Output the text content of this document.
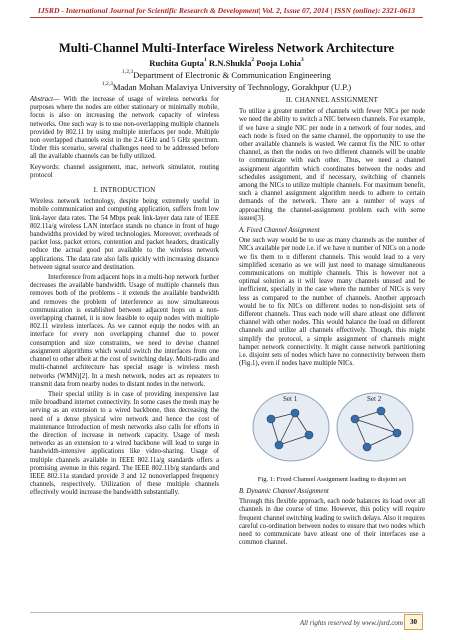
IJSRD - International Journal for Scientific Research & Development| Vol. 2, Issue 07, 2014 | ISSN (online): 2321-0613
Multi-Channel Multi-Interface Wireless Network Architecture
Ruchita Gupta$^1$ R.N.Shukla$^2$ Pooja Lohia$^3$
$^{1,2,3}$Department of Electronic & Communication Engineering
$^{1,2,3}$Madan Mohan Malaviya University of Technology, Gorakhpur (U.P.)

Abstract— With the increase of usage of wireless networks for purposes where the nodes are either stationary or minimally mobile, focus is also on increasing the network capacity of wireless networks. One such way is to use non-overlapping multiple channels provided by 802.11 by using multiple interfaces per node. Multiple non overlapped channels exist in the 2.4 GHz and 5 GHz spectrum. Under this scenario, several challenges need to be addressed before all the available channels can be fully utilized.

Keywords: channel assignment, mac, network simulator, routing protocol

I. INTRODUCTION

Wireless network technology, despite being extremely useful in mobile communication and computing application, suffers from low link-layer data rates. The 54 Mbps peak link-layer data rate of IEEE 802.11a/g wireless LAN interface stands no chance in front of huge bandwidths provided by wired technologies. Moreover, overheads of packet loss, packet errors, contention and packet headers, drastically reduce the actual good put available to the wireless network applications. The data rate also falls quickly with increasing distance between signal source and destination.

Interference from adjacent hops in a multi-hop network further decreases the available bandwidth. Usage of multiple channels thus removes both of the problems - it extends the available bandwidth and removes the problem of interference as now simultaneous communication is established between adjacent hops on a non-overlapping channel, it is now feasible to equip nodes with multiple 802.11 wireless interfaces. As we cannot equip the nodes with an interface for every non overlapping channel due to power consumption and size constraints, we need to devise channel assignment algorithms which would switch the interfaces from one channel to other albeit at the cost of switching delay. Multi-radio and multi-channel architecture has special usage is wireless mesh networks (WMN)[2]. In a mesh network, nodes act as repeaters to transmit data from nearby nodes to distant nodes in the network.

Their special utility is in case of providing inexpensive last mile broadband internet connectivity. In some cases the mesh may be serving as an extension to a wired backbone, thus decreasing the need of a dense physical wire network and hence the cost of maintenance Introduction of mesh networks also calls for efforts in the direction of increase in network capacity. Usage of mesh networks as an extension to a wired backbone will lead to surge in bandwidth-intensive applications like video-sharing. Usage of multiple channels available in IEEE 802.11a/g standards offers a promising avenue in this regard. The IEEE 802.11b/g standards and IEEE 802.11a standard provide 3 and 12 nonoverlapped frequency channels, respectively. Utilization of these multiple channels effectively would increase the bandwidth substantially.

II. CHANNEL ASSIGNMENT

To utilize a greater number of channels with fewer NICs per node we need the ability to switch a NIC between channels. For example, if we have a single NIC per node in a network of four nodes, and each node is fixed on the same channel, the opportunity to use the other available channels is wasted. We cannot fix the NIC to other channel, as then the nodes on two different channels will be unable to communicate with each other. Thus, we need a channel assignment algorithm which coordinates between the nodes and schedules assignment, and if necessary, switching of channels among the NICs to utilize multiple channels. For maximum benefit, such a channel assignment algorithm needs to adhere to certain demands of the network. There are a number of ways of approaching the channel-assignment problem each with some issues[3].

A. Fixed Channel Assignment

One such way would be to use as many channels as the number of NICs available per node i.e. if we have n number of NICs on a node we fix them to n different channels. This would lead to a very simplified scenario as we will just need to manage simultaneous communications on multiple channels. This is however not a optimal solution as it will leave many channels unused and be inefficient, specially in the case where the number of NICs is very less as compared to the number of channels. Another approach would be to fix NICs on different nodes to non-disjoint sets of different channels. Thus each node will share atleast one different channel with other nodes. This would balance the load on different channels and utilize all channels effectively. Though, this might simplify the protocol, a simple assignment of channels might hamper network connectivity. It might cause network partitioning i.e. disjoint sets of nodes which have no connectivity between them (Fig.1), even if nodes have multiple NICs.

Set 1	Set 2
Fig. 1: Fixed Channel Assignment leading to disjoint set
B. Dynamic Channel Assignment

Through this flexible approach, each node balances its load over all channels in due course of time. However, this policy will require frequent channel switching leading to switch delays. Also it requires careful co-ordination between nodes to ensure that two nodes which need to communicate have atleast one of their interfaces use a common channel.

All rights reserved by www.ijsrd.com	30
